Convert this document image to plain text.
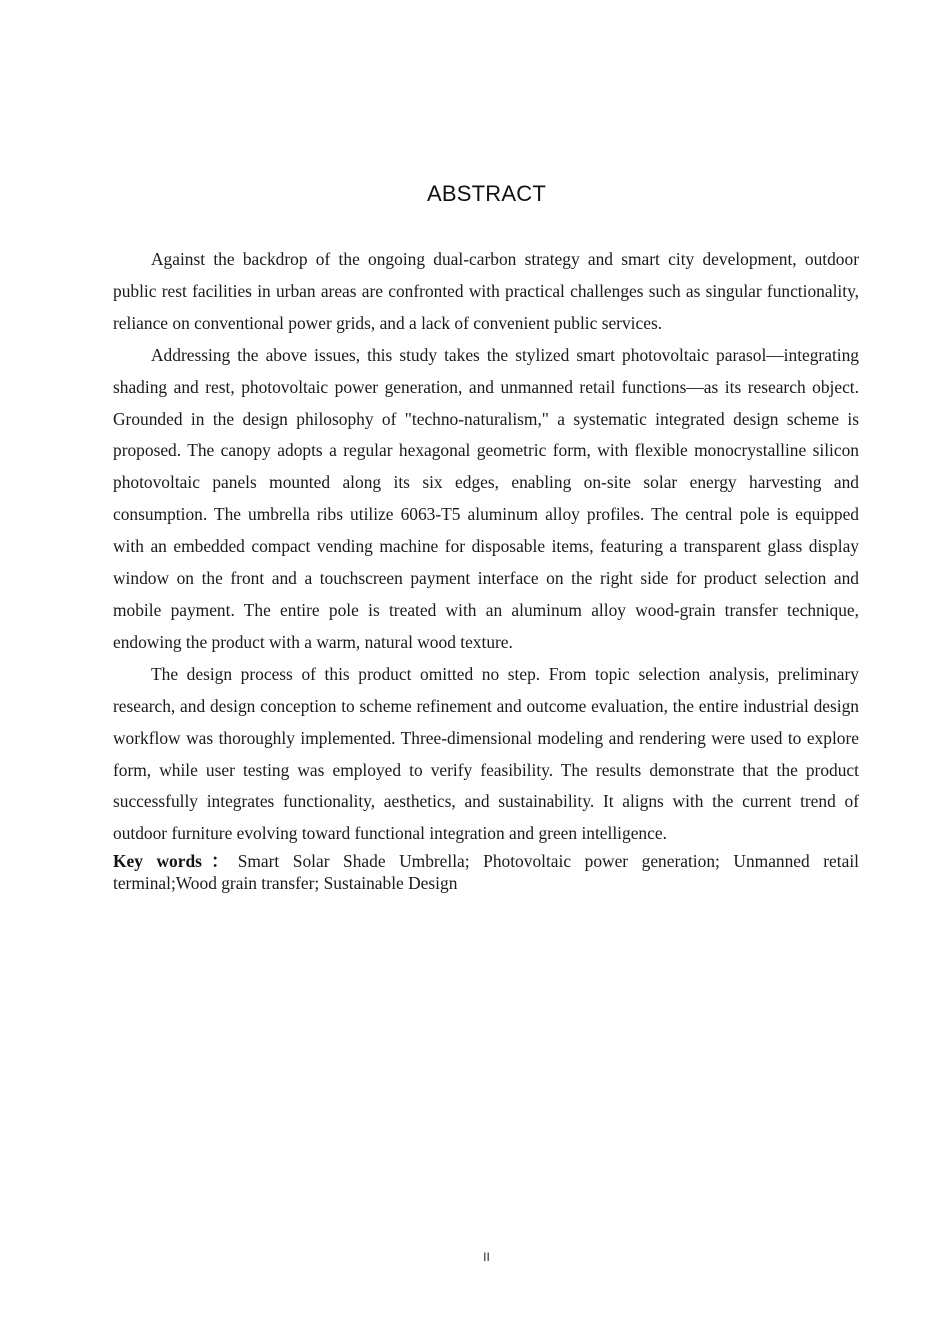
ABSTRACT

Against the backdrop of the ongoing dual-carbon strategy and smart city development, outdoor public rest facilities in urban areas are confronted with practical challenges such as singular functionality, reliance on conventional power grids, and a lack of convenient public services.

Addressing the above issues, this study takes the stylized smart photovoltaic parasol—integrating shading and rest, photovoltaic power generation, and unmanned retail functions—as its research object. Grounded in the design philosophy of "techno-naturalism," a systematic integrated design scheme is proposed. The canopy adopts a regular hexagonal geometric form, with flexible monocrystalline silicon photovoltaic panels mounted along its six edges, enabling on-site solar energy harvesting and consumption. The umbrella ribs utilize 6063-T5 aluminum alloy profiles. The central pole is equipped with an embedded compact vending machine for disposable items, featuring a transparent glass display window on the front and a touchscreen payment interface on the right side for product selection and mobile payment. The entire pole is treated with an aluminum alloy wood-grain transfer technique, endowing the product with a warm, natural wood texture.

The design process of this product omitted no step. From topic selection analysis, preliminary research, and design conception to scheme refinement and outcome evaluation, the entire industrial design workflow was thoroughly implemented. Three-dimensional modeling and rendering were used to explore form, while user testing was employed to verify feasibility. The results demonstrate that the product successfully integrates functionality, aesthetics, and sustainability. It aligns with the current trend of outdoor furniture evolving toward functional integration and green intelligence.

Key words：Smart Solar Shade Umbrella; Photovoltaic power generation; Unmanned retail terminal;Wood grain transfer; Sustainable Design
II
